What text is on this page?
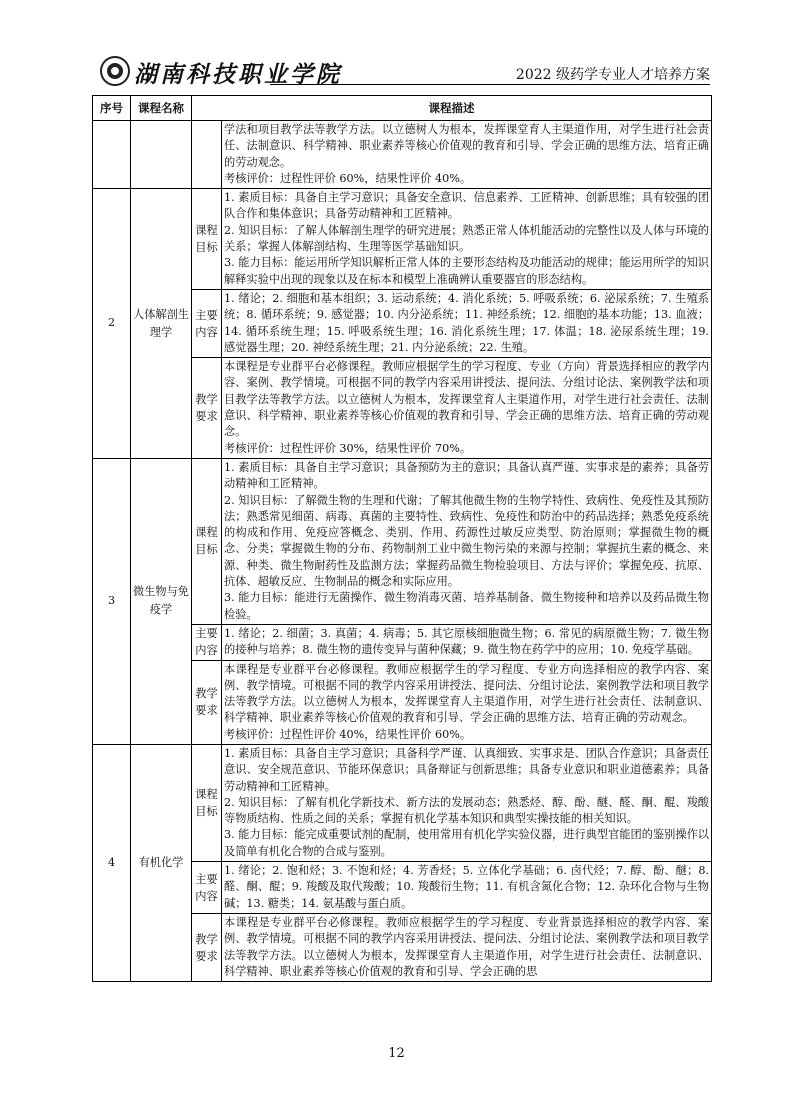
湖南科技职业学院	2022 级药学专业人才培养方案
序号	课程名称	课程描述	

			学法和项目教学法等教学方法。以立德树人为根本，发挥课堂育人主渠道作用，对学生进行社会责任、法制意识、科学精神、职业素养等核心价值观的教育和引导、学会正确的思维方法、培育正确的劳动观念。
考核评价：过程性评价 60%，结果性评价 40%。

2	人体解剖生理学	课程目标	1. 素质目标：具备自主学习意识；具备安全意识、信息素养、工匠精神、创新思维；具有较强的团队合作和集体意识；具备劳动精神和工匠精神。
2. 知识目标：了解人体解剖生理学的研究进展；熟悉正常人体机能活动的完整性以及人体与环境的关系；掌握人体解剖结构、生理等医学基础知识。
3. 能力目标：能运用所学知识解析正常人体的主要形态结构及功能活动的规律；能运用所学的知识解释实验中出现的现象以及在标本和模型上准确辨认重要器官的形态结构。

		主要内容	1. 绪论；2. 细胞和基本组织；3. 运动系统；4. 消化系统；5. 呼吸系统；6. 泌尿系统；7. 生殖系统；8. 循环系统；9. 感觉器；10. 内分泌系统；11. 神经系统；12. 细胞的基本功能；13. 血液；14. 循环系统生理；15. 呼吸系统生理；16. 消化系统生理；17. 体温；18. 泌尿系统生理；19. 感觉器生理；20. 神经系统生理；21. 内分泌系统；22. 生殖。

		教学要求	本课程是专业群平台必修课程。教师应根据学生的学习程度、专业（方向）背景选择相应的教学内容、案例、教学情境。可根据不同的教学内容采用讲授法、提问法、分组讨论法、案例教学法和项目教学法等教学方法。以立德树人为根本，发挥课堂育人主渠道作用，对学生进行社会责任、法制意识、科学精神、职业素养等核心价值观的教育和引导、学会正确的思维方法、培育正确的劳动观念。
考核评价：过程性评价 30%，结果性评价 70%。

3	微生物与免疫学	课程目标	1. 素质目标：具备自主学习意识；具备预防为主的意识；具备认真严谨、实事求是的素养；具备劳动精神和工匠精神。
2. 知识目标：了解微生物的生理和代谢；了解其他微生物的生物学特性、致病性、免疫性及其预防法；熟悉常见细菌、病毒、真菌的主要特性、致病性、免疫性和防治中的药品选择；熟悉免疫系统的构成和作用、免疫应答概念、类别、作用、药源性过敏反应类型、防治原则；掌握微生物的概念、分类；掌握微生物的分布、药物制剂工业中微生物污染的来源与控制；掌握抗生素的概念、来源、种类、微生物耐药性及监测方法；掌握药品微生物检验项目、方法与评价；掌握免疫、抗原、抗体、超敏反应、生物制品的概念和实际应用。
3. 能力目标：能进行无菌操作、微生物消毒灭菌、培养基制备、微生物接种和培养以及药品微生物检验。

		主要内容	1. 绪论；2. 细菌；3. 真菌；4. 病毒；5. 其它原核细胞微生物；6. 常见的病原微生物；7. 微生物的接种与培养；8. 微生物的遗传变异与菌种保藏；9. 微生物在药学中的应用；10. 免疫学基础。

		教学要求	本课程是专业群平台必修课程。教师应根据学生的学习程度、专业方向选择相应的教学内容、案例、教学情境。可根据不同的教学内容采用讲授法、提问法、分组讨论法、案例教学法和项目教学法等教学方法。以立德树人为根本，发挥课堂育人主渠道作用，对学生进行社会责任、法制意识、科学精神、职业素养等核心价值观的教育和引导、学会正确的思维方法、培育正确的劳动观念。
考核评价：过程性评价 40%，结果性评价 60%。

4	有机化学	课程目标	1. 素质目标：具备自主学习意识；具备科学严谨、认真细致、实事求是、团队合作意识；具备责任意识、安全规范意识、节能环保意识；具备辩证与创新思维；具备专业意识和职业道德素养；具备劳动精神和工匠精神。
2. 知识目标：了解有机化学新技术、新方法的发展动态；熟悉烃、醇、酚、醚、醛、酮、醌、羧酸等物质结构、性质之间的关系；掌握有机化学基本知识和典型实操技能的相关知识。
3. 能力目标：能完成重要试剂的配制，使用常用有机化学实验仪器，进行典型官能团的鉴别操作以及简单有机化合物的合成与鉴别。

		主要内容	1. 绪论；2. 饱和烃；3. 不饱和烃；4. 芳香烃；5. 立体化学基础；6. 卤代烃；7. 醇、酚、醚；8. 醛、酮、醌；9. 羧酸及取代羧酸；10. 羧酸衍生物；11. 有机含氮化合物；12. 杂环化合物与生物碱；13. 糖类；14. 氨基酸与蛋白质。

		教学要求	本课程是专业群平台必修课程。教师应根据学生的学习程度、专业背景选择相应的教学内容、案例、教学情境。可根据不同的教学内容采用讲授法、提问法、分组讨论法、案例教学法和项目教学法等教学方法。以立德树人为根本，发挥课堂育人主渠道作用，对学生进行社会责任、法制意识、科学精神、职业素养等核心价值观的教育和引导、学会正确的思
12
